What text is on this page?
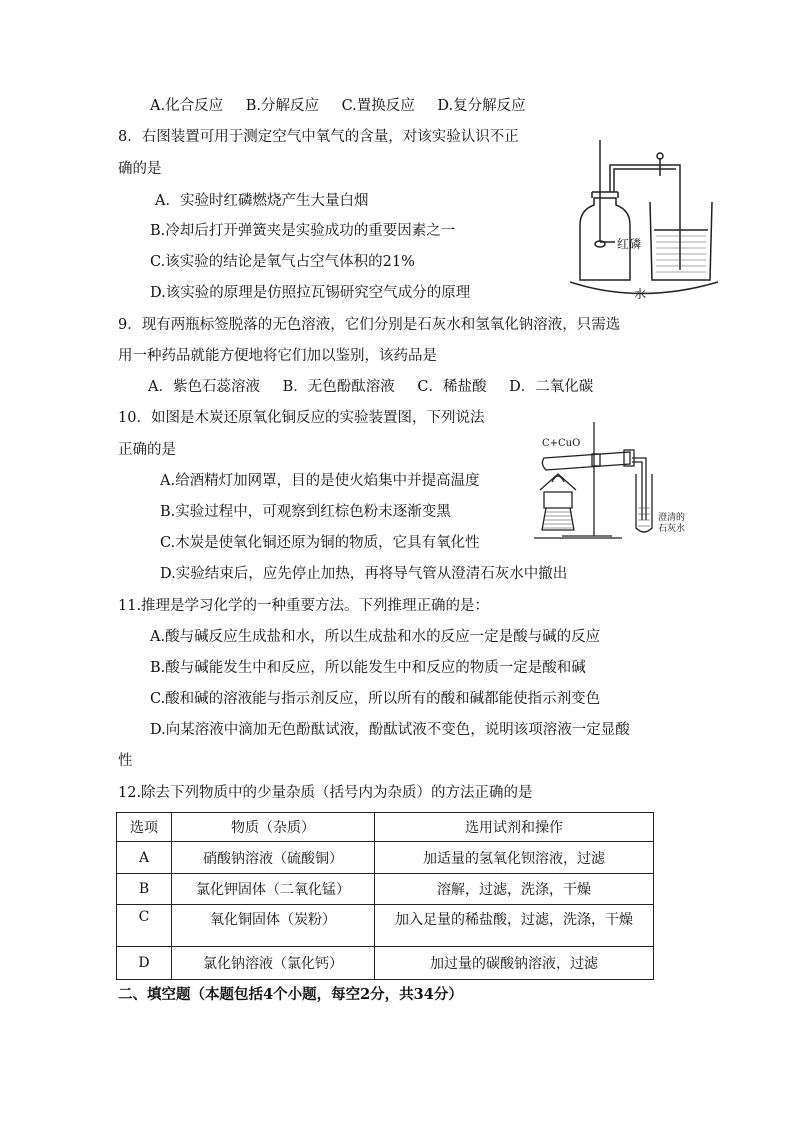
A.化合反应 B.分解反应 C.置换反应 D.复分解反应
8．右图装置可用于测定空气中氧气的含量，对该实验认识不正
确的是
A．实验时红磷燃烧产生大量白烟
B.冷却后打开弹簧夹是实验成功的重要因素之一
C.该实验的结论是氧气占空气体积的21%
D.该实验的原理是仿照拉瓦锡研究空气成分的原理
红磷
水
9．现有两瓶标签脱落的无色溶液，它们分别是石灰水和氢氧化钠溶液，只需选
用一种药品就能方便地将它们加以鉴别，该药品是
A．紫色石蕊溶液 B．无色酚酞溶液 C．稀盐酸 D．二氧化碳
10．如图是木炭还原氧化铜反应的实验装置图，下列说法
正确的是
A.给酒精灯加网罩，目的是使火焰集中并提高温度
B.实验过程中，可观察到红棕色粉末逐渐变黑
C.木炭是使氧化铜还原为铜的物质，它具有氧化性
D.实验结束后，应先停止加热，再将导气管从澄清石灰水中撤出
C+CuO
澄清的
石灰水
11.推理是学习化学的一种重要方法。下列推理正确的是：
A.酸与碱反应生成盐和水，所以生成盐和水的反应一定是酸与碱的反应
B.酸与碱能发生中和反应，所以能发生中和反应的物质一定是酸和碱
C.酸和碱的溶液能与指示剂反应，所以所有的酸和碱都能使指示剂变色
D.向某溶液中滴加无色酚酞试液，酚酞试液不变色，说明该项溶液一定显酸
性
12.除去下列物质中的少量杂质（括号内为杂质）的方法正确的是
选项	物质（杂质）	选用试剂和操作
A	硝酸钠溶液（硫酸铜）	加适量的氢氧化钡溶液，过滤
B	氯化钾固体（二氧化锰）	溶解，过滤，洗涤，干燥
C	氧化铜固体（炭粉）	加入足量的稀盐酸，过滤，洗涤，干燥
D	氯化钠溶液（氯化钙）	加过量的碳酸钠溶液，过滤
二、填空题（本题包括4个小题，每空2分，共34分）
